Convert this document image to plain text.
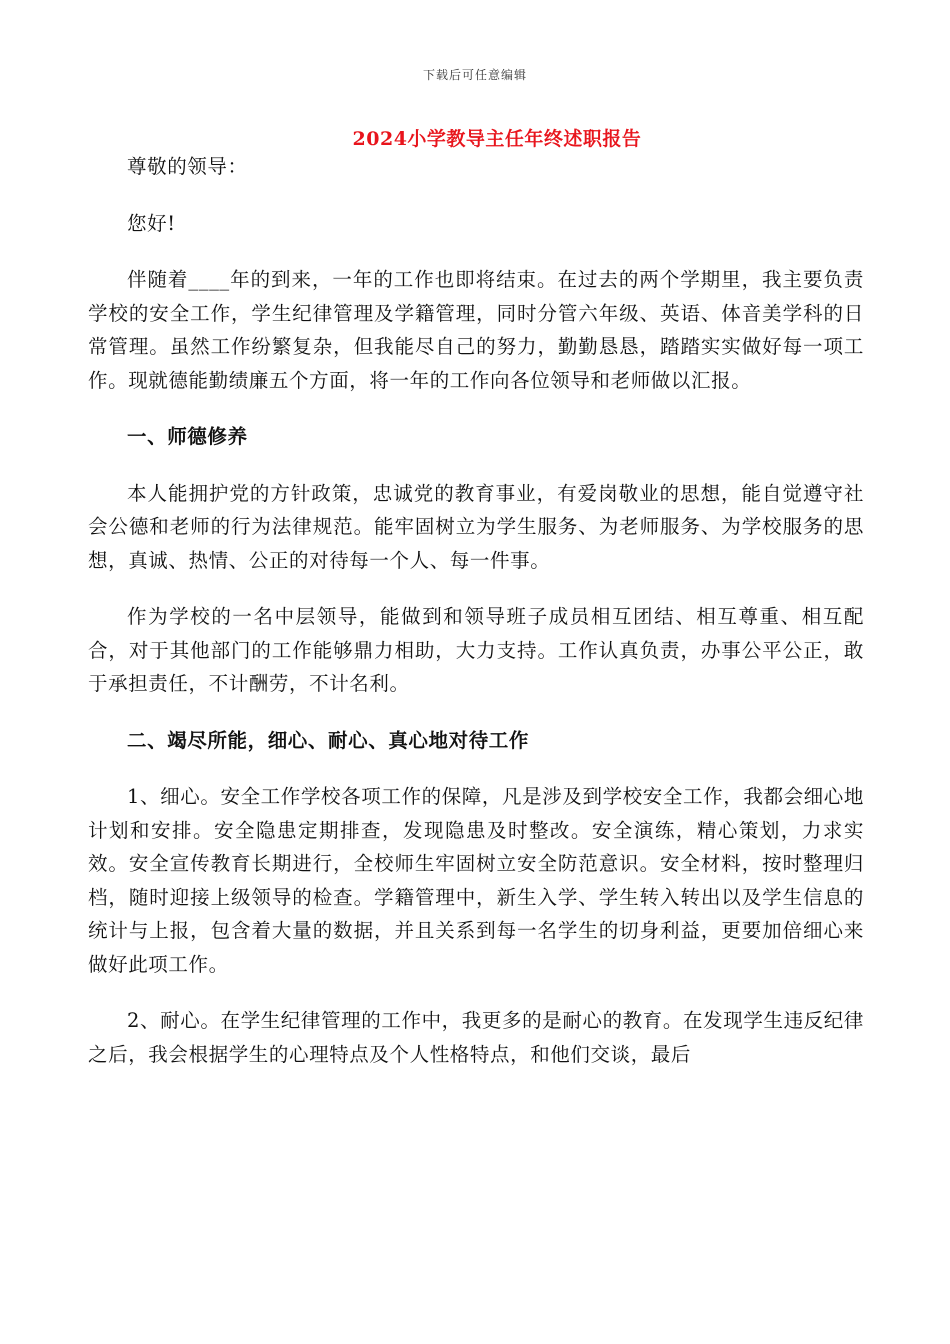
下载后可任意编辑
2024小学教导主任年终述职报告

尊敬的领导：

您好!

伴随着____年的到来，一年的工作也即将结束。在过去的两个学期里，我主要负责学校的安全工作，学生纪律管理及学籍管理，同时分管六年级、英语、体音美学科的日常管理。虽然工作纷繁复杂，但我能尽自己的努力，勤勤恳恳，踏踏实实做好每一项工作。现就德能勤绩廉五个方面，将一年的工作向各位领导和老师做以汇报。

一、师德修养

本人能拥护党的方针政策，忠诚党的教育事业，有爱岗敬业的思想，能自觉遵守社会公德和老师的行为法律规范。能牢固树立为学生服务、为老师服务、为学校服务的思想，真诚、热情、公正的对待每一个人、每一件事。

作为学校的一名中层领导，能做到和领导班子成员相互团结、相互尊重、相互配合，对于其他部门的工作能够鼎力相助，大力支持。工作认真负责，办事公平公正，敢于承担责任，不计酬劳，不计名利。

二、竭尽所能，细心、耐心、真心地对待工作

1、细心。安全工作学校各项工作的保障，凡是涉及到学校安全工作，我都会细心地计划和安排。安全隐患定期排查，发现隐患及时整改。安全演练，精心策划，力求实效。安全宣传教育长期进行，全校师生牢固树立安全防范意识。安全材料，按时整理归档，随时迎接上级领导的检查。学籍管理中，新生入学、学生转入转出以及学生信息的统计与上报，包含着大量的数据，并且关系到每一名学生的切身利益，更要加倍细心来做好此项工作。

2、耐心。在学生纪律管理的工作中，我更多的是耐心的教育。在发现学生违反纪律之后，我会根据学生的心理特点及个人性格特点，和他们交谈，最后
